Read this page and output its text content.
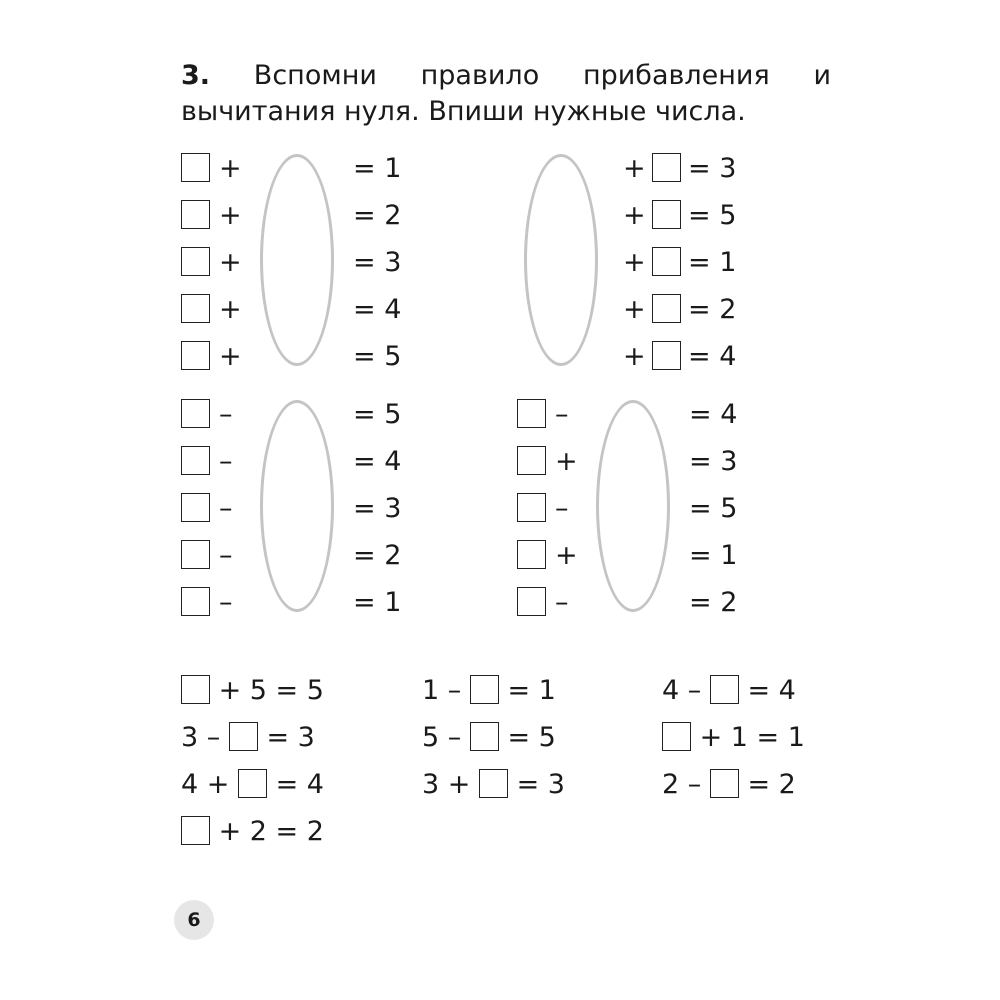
3. Вспомни правило прибавления и вычитания нуля. Впиши нужные числа.
+	= 1
+	= 2
+	= 3
+	= 4
+	= 5
+ = 3
+ = 5
+ = 1
+ = 2
+ = 4
–	= 5
–	= 4
–	= 3
–	= 2
–	= 1
–	= 4
+	= 3
–	= 5
+	= 1
–	= 2
+ 5 = 5
3 – = 3
4 + = 4
+ 2 = 2
1 – = 1
5 – = 5
3 + = 3
4 – = 4
+ 1 = 1
2 – = 2
6
